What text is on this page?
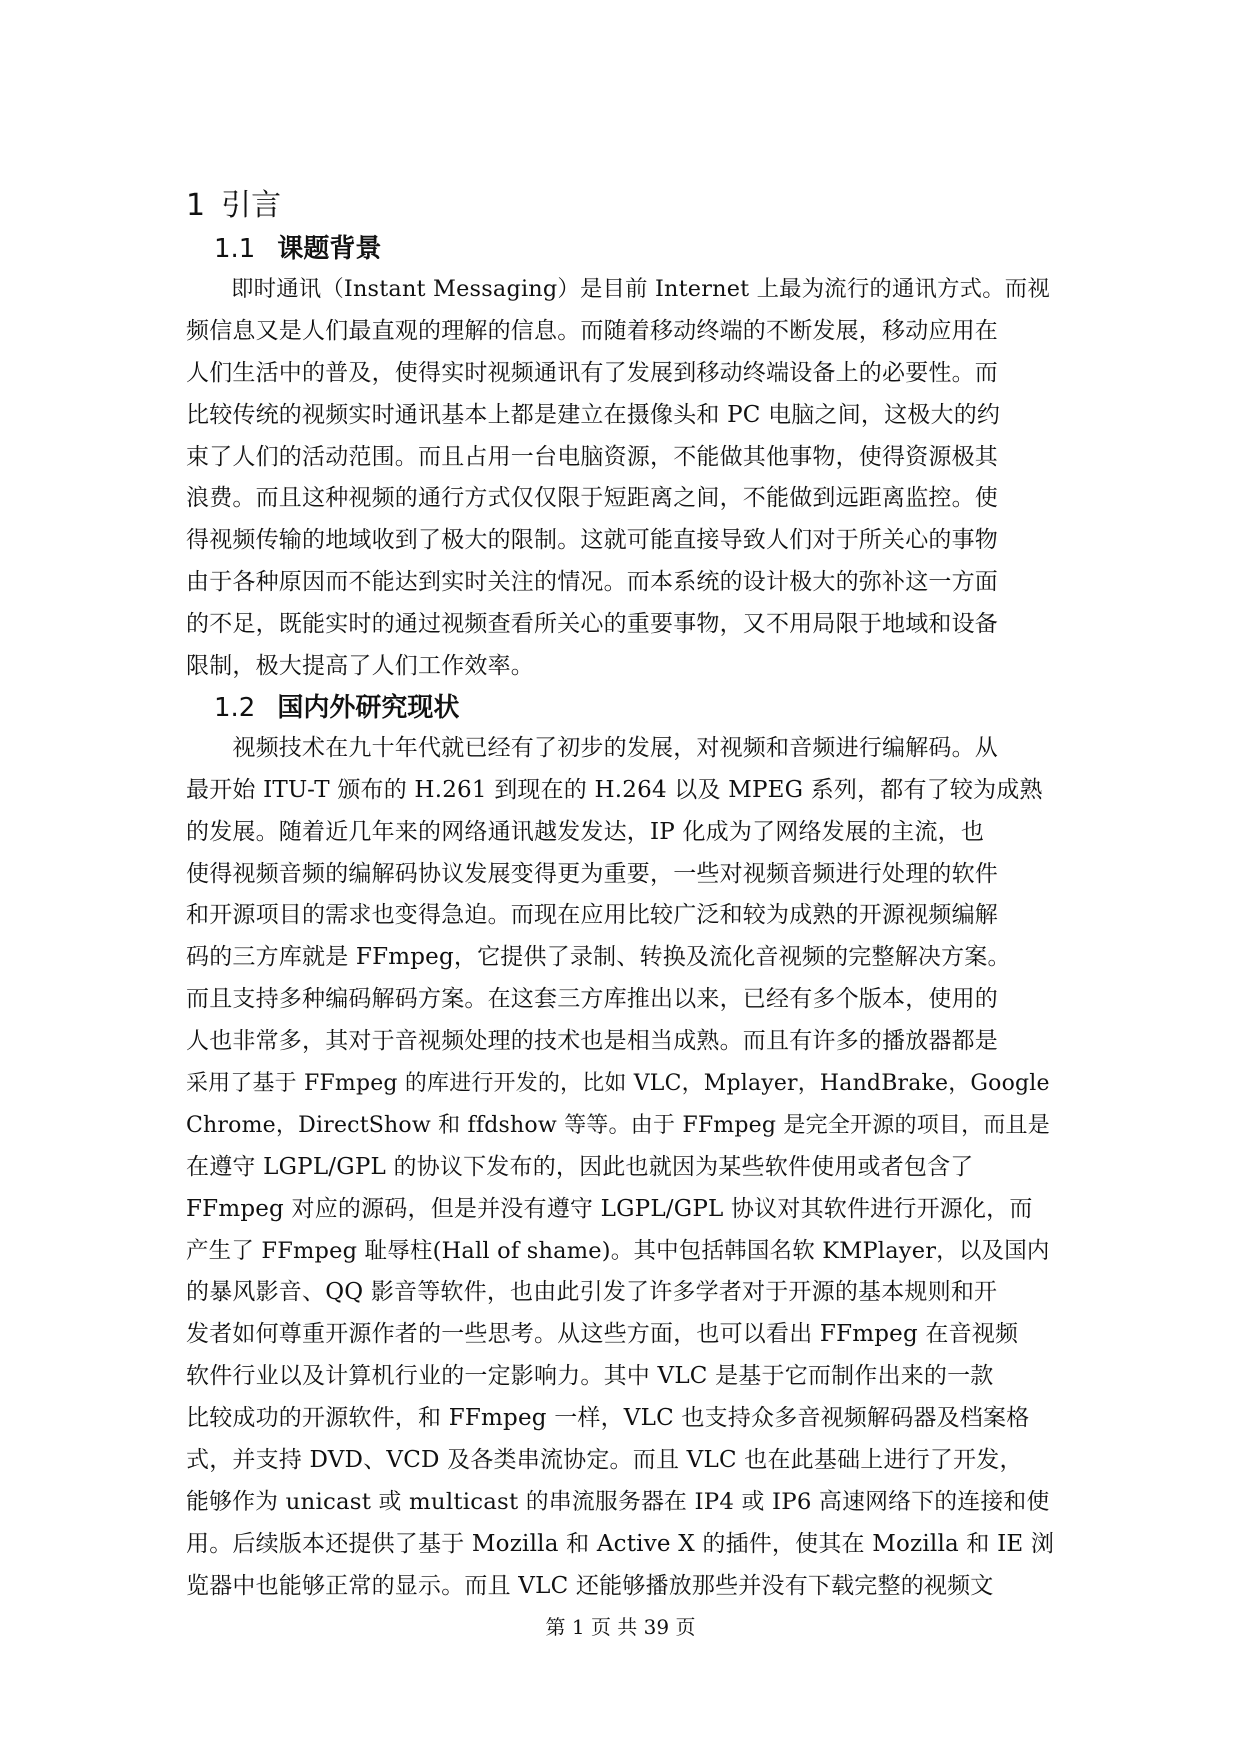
1 引言
1.1 课题背景
　　即时通讯（Instant Messaging）是目前 Internet 上最为流行的通讯方式。而视
频信息又是人们最直观的理解的信息。而随着移动终端的不断发展，移动应用在
人们生活中的普及，使得实时视频通讯有了发展到移动终端设备上的必要性。而
比较传统的视频实时通讯基本上都是建立在摄像头和 PC 电脑之间，这极大的约
束了人们的活动范围。而且占用一台电脑资源，不能做其他事物，使得资源极其
浪费。而且这种视频的通行方式仅仅限于短距离之间，不能做到远距离监控。使
得视频传输的地域收到了极大的限制。这就可能直接导致人们对于所关心的事物
由于各种原因而不能达到实时关注的情况。而本系统的设计极大的弥补这一方面
的不足，既能实时的通过视频查看所关心的重要事物，又不用局限于地域和设备
限制，极大提高了人们工作效率。
1.2 国内外研究现状
　　视频技术在九十年代就已经有了初步的发展，对视频和音频进行编解码。从
最开始 ITU-T 颁布的 H.261 到现在的 H.264 以及 MPEG 系列，都有了较为成熟
的发展。随着近几年来的网络通讯越发发达，IP 化成为了网络发展的主流，也
使得视频音频的编解码协议发展变得更为重要，一些对视频音频进行处理的软件
和开源项目的需求也变得急迫。而现在应用比较广泛和较为成熟的开源视频编解
码的三方库就是 FFmpeg，它提供了录制、转换及流化音视频的完整解决方案。
而且支持多种编码解码方案。在这套三方库推出以来，已经有多个版本，使用的
人也非常多，其对于音视频处理的技术也是相当成熟。而且有许多的播放器都是
采用了基于 FFmpeg 的库进行开发的，比如 VLC，Mplayer，HandBrake，Google
Chrome，DirectShow 和 ffdshow 等等。由于 FFmpeg 是完全开源的项目，而且是
在遵守 LGPL/GPL 的协议下发布的，因此也就因为某些软件使用或者包含了
FFmpeg 对应的源码，但是并没有遵守 LGPL/GPL 协议对其软件进行开源化，而
产生了 FFmpeg 耻辱柱(Hall of shame)。其中包括韩国名软 KMPlayer，以及国内
的暴风影音、QQ 影音等软件，也由此引发了许多学者对于开源的基本规则和开
发者如何尊重开源作者的一些思考。从这些方面，也可以看出 FFmpeg 在音视频
软件行业以及计算机行业的一定影响力。其中 VLC 是基于它而制作出来的一款
比较成功的开源软件，和 FFmpeg 一样，VLC 也支持众多音视频解码器及档案格
式，并支持 DVD、VCD 及各类串流协定。而且 VLC 也在此基础上进行了开发，
能够作为 unicast 或 multicast 的串流服务器在 IP4 或 IP6 高速网络下的连接和使
用。后续版本还提供了基于 Mozilla 和 Active X 的插件，使其在 Mozilla 和 IE 浏
览器中也能够正常的显示。而且 VLC 还能够播放那些并没有下载完整的视频文
第 1 页 共 39 页
